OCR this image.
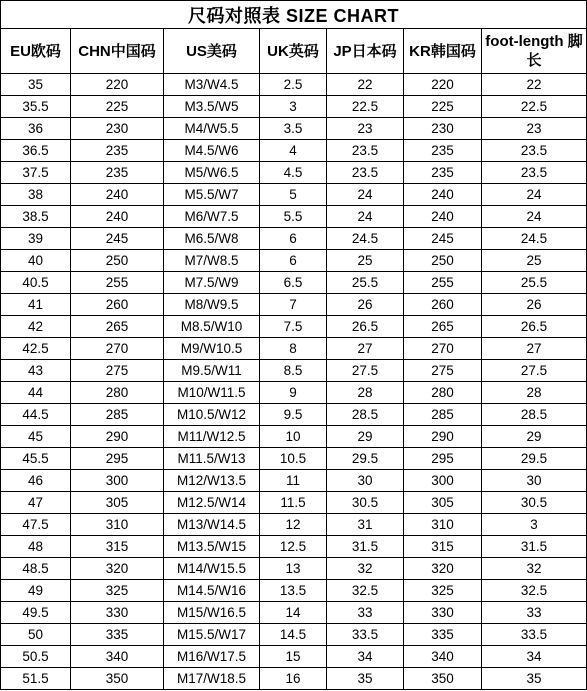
尺码对照表 SIZE CHART						
EU欧码	CHN中国码	US美码	UK英码	JP日本码	KR韩国码	foot-length 脚长
35	220	M3/W4.5	2.5	22	220	22
35.5	225	M3.5/W5	3	22.5	225	22.5
36	230	M4/W5.5	3.5	23	230	23
36.5	235	M4.5/W6	4	23.5	235	23.5
37.5	235	M5/W6.5	4.5	23.5	235	23.5
38	240	M5.5/W7	5	24	240	24
38.5	240	M6/W7.5	5.5	24	240	24
39	245	M6.5/W8	6	24.5	245	24.5
40	250	M7/W8.5	6	25	250	25
40.5	255	M7.5/W9	6.5	25.5	255	25.5
41	260	M8/W9.5	7	26	260	26
42	265	M8.5/W10	7.5	26.5	265	26.5
42.5	270	M9/W10.5	8	27	270	27
43	275	M9.5/W11	8.5	27.5	275	27.5
44	280	M10/W11.5	9	28	280	28
44.5	285	M10.5/W12	9.5	28.5	285	28.5
45	290	M11/W12.5	10	29	290	29
45.5	295	M11.5/W13	10.5	29.5	295	29.5
46	300	M12/W13.5	11	30	300	30
47	305	M12.5/W14	11.5	30.5	305	30.5
47.5	310	M13/W14.5	12	31	310	3
48	315	M13.5/W15	12.5	31.5	315	31.5
48.5	320	M14/W15.5	13	32	320	32
49	325	M14.5/W16	13.5	32.5	325	32.5
49.5	330	M15/W16.5	14	33	330	33
50	335	M15.5/W17	14.5	33.5	335	33.5
50.5	340	M16/W17.5	15	34	340	34
51.5	350	M17/W18.5	16	35	350	35
